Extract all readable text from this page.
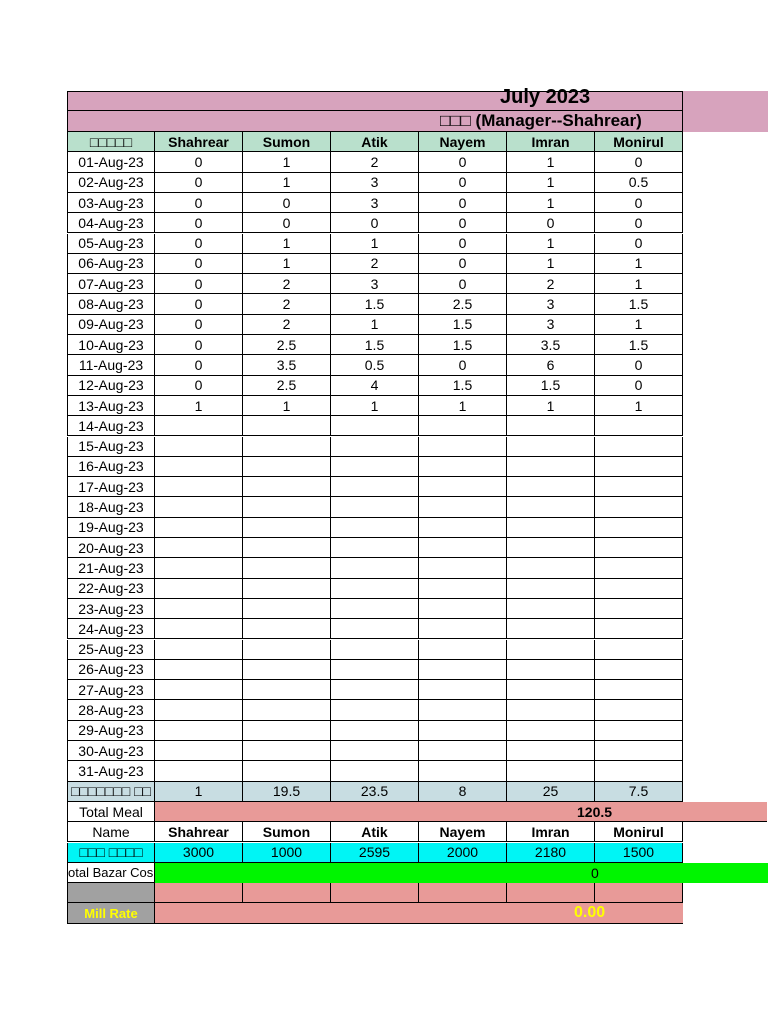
July 2023
□□□ (Manager--Shahrear)
□□□□□	Shahrear	Sumon	Atik	Nayem	Imran	Monirul
01-Aug-23	0	1	2	0	1	0
02-Aug-23	0	1	3	0	1	0.5
03-Aug-23	0	0	3	0	1	0
04-Aug-23	0	0	0	0	0	0
05-Aug-23	0	1	1	0	1	0
06-Aug-23	0	1	2	0	1	1
07-Aug-23	0	2	3	0	2	1
08-Aug-23	0	2	1.5	2.5	3	1.5
09-Aug-23	0	2	1	1.5	3	1
10-Aug-23	0	2.5	1.5	1.5	3.5	1.5
11-Aug-23	0	3.5	0.5	0	6	0
12-Aug-23	0	2.5	4	1.5	1.5	0
13-Aug-23	1	1	1	1	1	1
14-Aug-23
15-Aug-23
16-Aug-23
17-Aug-23
18-Aug-23
19-Aug-23
20-Aug-23
21-Aug-23
22-Aug-23
23-Aug-23
24-Aug-23
25-Aug-23
26-Aug-23
27-Aug-23
28-Aug-23
29-Aug-23
30-Aug-23
31-Aug-23
□□□□□□□ □□	1	19.5	23.5	8	25	7.5
Total Meal	120.5
Name	Shahrear	Sumon	Atik	Nayem	Imran	Monirul
□□□ □□□□	3000	1000	2595	2000	2180	1500
otal Bazar Cos	0
Mill Rate	0.00
